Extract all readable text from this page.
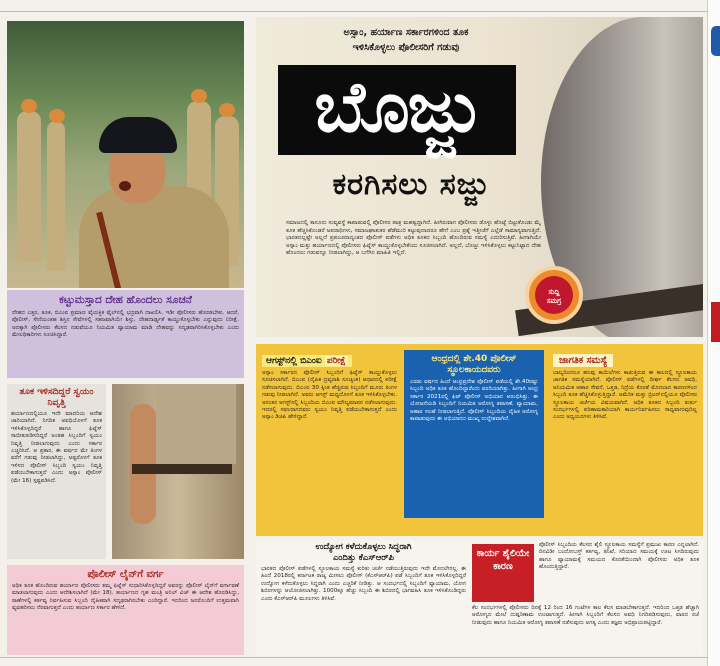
ಕಟ್ಟುಮಸ್ತಾದ ದೇಹ ಹೊಂದಲು ಸೂಚನೆ
ದೇಹದ ಎತ್ತರ, ತೂಕ, ಬಿಎಂಐ ಪ್ರಮಾಣ ವೈಯಕ್ತಿಕ ಫೈಲ್‌ನಲ್ಲಿ ಭದ್ರವಾಗಿ ದಾಖಲಿಸಿ. ಇಡೀ ಪೊಲೀಸರು ಹೊರಡಬೇಕು. ಆದರೆ, ಪೊಲೀಸ್, ಸೇನೆಯಂತಹ ಶಿಸ್ತಿನ ಸೇವೆಗಳಲ್ಲಿ ಸಹಜವಾಗಿಯೇ ಶಿಸ್ತು, ದೇಹದಾರ್ಢ್ಯತೆ ಕಾಯ್ದುಕೊಳ್ಳಬೇಕು ಎನ್ನುವುದು ನಿರೀಕ್ಷೆ. ಅದಕ್ಕಾಗಿ ಪೊಲೀಸರು ಕೆಲಸದ ನಡುವೆಯೂ ನಿಯಮಿತ ವ್ಯಾಯಾಮ ಮಾಡಿ ದೇಹವನ್ನು ಸದೃಢವಾಗಿರಿಸಿಕೊಳ್ಳಬೇಕು ಎಂದು ಮೇಲಧಿಕಾರಿಗಳು ಸೂಚಿಸಿದ್ದಾರೆ.
ತೂಕ ಇಳಿಸದಿದ್ದರೆ ಸ್ವಯಂ ನಿವೃತ್ತಿ
ಹರ್ಯಾಣದಲ್ಲಿಯೂ ಇದೇ ಮಾದರಿಯ ಆದೇಶ ಜಾರಿಯಾಗಿದೆ. ನಿಗದಿತ ಅವಧಿಯೊಳಗೆ ತೂಕ ಇಳಿಸಿಕೊಳ್ಳದಿದ್ದರೆ ಹಾಗೂ ಫಿಟ್ನೆಸ್ ಸಾಬೀತುಪಡಿಸದಿದ್ದರೆ ಅಂತಹ ಸಿಬ್ಬಂದಿಗೆ ಸ್ವಯಂ ನಿವೃತ್ತಿ ನೀಡಲಾಗುವುದು ಎಂದು ಸರ್ಕಾರ ಎಚ್ಚರಿಸಿದೆ. ಆ ಪ್ರಕಾರ, ಈ ವರ್ಷದ ಮೇ ತಿಂಗಳ ವರೆಗೆ ಗಡುವು ನೀಡಲಾಗಿದ್ದು, ಅಷ್ಟರೊಳಗೆ ತೂಕ ಇಳಿಸದ ಪೊಲೀಸ್ ಸಿಬ್ಬಂದಿ ಸ್ವಯಂ ನಿವೃತ್ತಿ ಪಡೆಯಬೇಕಾಗುತ್ತದೆ ಎಂದು ಅಸ್ಸಾಂ ಪೊಲೀಸ್ (ಮೇ 16) ಸ್ಪಷ್ಟಪಡಿಸಿದೆ.
ಪೊಲೀಸ್ ಲೈನ್‌ಗೆ ವರ್ಗ
ಅಧಿಕ ತೂಕ ಹೊಂದಿರುವ ಹರ್ಯಾಣ ಪೊಲೀಸರು ತಮ್ಮ ಫಿಟ್ನೆಸ್ ಸುಧಾರಿಸಿಕೊಳ್ಳದಿದ್ದರೆ ಅವರನ್ನು ಪೊಲೀಸ್ ಲೈನ್‌ಗೆ ವರ್ಗಾವಣೆ ಮಾಡಲಾಗುವುದು ಎಂದು ಆದೇಶಿಸಲಾಗಿದೆ (ಮೇ 18). ಹರ್ಯಾಣದ ಗೃಹ ಮಂತ್ರಿ ಅನಿಲ್ ವಿಜ್ ಈ ಆದೇಶ ಹೊರಡಿಸಿದ್ದು, ಠಾಣೆಗಳಲ್ಲಿ ಕರ್ತವ್ಯ ನಿರ್ವಹಿಸುವ ಸಿಬ್ಬಂದಿ ದೈಹಿಕವಾಗಿ ಸದೃಢರಾಗಿರಬೇಕು ಎಂದಿದ್ದಾರೆ. ಇದರಿಂದ ಜನರೊಂದಿಗೆ ಉತ್ತಮವಾಗಿ ವ್ಯವಹರಿಸಲು ನೆರವಾಗುತ್ತದೆ ಎಂದು ಹರ್ಯಾಣ ಸರ್ಕಾರ ಹೇಳಿದೆ.
ಅಸ್ಸಾಂ, ಹರ್ಯಾಣ ಸರ್ಕಾರಗಳಿಂದ ತೂಕ
ಇಳಿಸಿಕೊಳ್ಳಲು ಪೊಲೀಸರಿಗೆ ಗಡುವು
ಬೊಜ್ಜು
ಕರಗಿಸಲು ಸಜ್ಜು
ಸಮಾಜದಲ್ಲಿ ಕಾನೂನು ಸುವ್ಯವಸ್ಥೆ ಕಾಪಾಡುವಲ್ಲಿ ಪೊಲೀಸರ ಪಾತ್ರ ಮಹತ್ವದ್ದಾಗಿದೆ. ಹೀಗಿರುವಾಗ ಪೊಲೀಸರು ಡೊಳ್ಳು ಹೊಟ್ಟೆ ಬಿಟ್ಟುಕೊಂಡು ಮೈ ತೂಕ ಹೆಚ್ಚಿಸಿಕೊಂಡರೆ ಅಪರಾಧಿಗಳು, ಸಮಾಜಘಾತುಕರ ಹೆಡೆಮುರಿ ಕಟ್ಟುವುದಾದರೂ ಹೇಗೆ ಎಂಬ ಪ್ರಶ್ನೆ ಇತ್ತೀಚೆಗೆ ಎಲ್ಲೆಡೆ ಸಾಮಾನ್ಯವಾಗುತ್ತಿದೆ. ಭಾರತದಲ್ಲಷ್ಟೇ ಅಲ್ಲದೆ ಪ್ರಪಂಚದಾದ್ಯಂತದ ಪೊಲೀಸ್ ಪಡೆಗಳು ಅಧಿಕ ತೂಕದ ಸಿಬ್ಬಂದಿ ಹೊಂದಿರುವ ಸಮಸ್ಯೆ ಎದುರಿಸುತ್ತಿವೆ. ಹೀಗಾಗಿಯೇ ಅಸ್ಸಾಂ ಮತ್ತು ಹರ್ಯಾಣದಲ್ಲಿ ಪೊಲೀಸರು ಫಿಟ್ನೆಸ್ ಕಾಯ್ದುಕೊಳ್ಳಬೇಕೆಂದು ಸೂಚಿಸಲಾಗಿದೆ. ಅಲ್ಲದೆ, ಬೊಜ್ಜು ಇಳಿಸಿಕೊಳ್ಳಲು ಕಟ್ಟುನಿಟ್ಟಾದ ದೇಹ ಹೊಂದಲು ಗಡುವನ್ನೂ ನೀಡಲಾಗಿದ್ದು, ಆ ಬಗೆಗಿನ ಮಾಹಿತಿ ಇಲ್ಲಿದೆ.
ಸುದ್ದಿ
ಸಮಗ್ರ
ಆಗಸ್ಟ್‌ನಲ್ಲಿ ಬಿಎಂಐ ಪರೀಕ್ಷೆ
ಅಸ್ಸಾಂ ಸರ್ಕಾರದ ಪೊಲೀಸ್ ಸಿಬ್ಬಂದಿಗೆ ಫಿಟ್ನೆಸ್ ಕಾಯ್ದುಕೊಳ್ಳಲು ಸೂಚಿಸಲಾಗಿದೆ. ಬಿಎಂಐ (ದೈಹಿಕ ದ್ರವ್ಯರಾಶಿ ಸೂಚ್ಯಂಕ) ಆಧಾರದಲ್ಲಿ ಪರೀಕ್ಷೆ ನಡೆಸಲಾಗುವುದು. ಬಿಎಂಐ 30 ಕ್ಕಿಂತ ಹೆಚ್ಚಿರುವ ಸಿಬ್ಬಂದಿಗೆ ಮೂರು ತಿಂಗಳ ಗಡುವು ನೀಡಲಾಗಿದೆ. ಅವರು ಆಗಸ್ಟ್ ಮಧ್ಯದೊಳಗೆ ತೂಕ ಇಳಿಸಿಕೊಳ್ಳಬೇಕು. ಅನಂತರ ಆಗಸ್ಟ್‌ನಲ್ಲಿ ಸಿಬ್ಬಂದಿಯ ಬಿಎಂಐ ಮೌಲ್ಯಮಾಪನ ನಡೆಸಲಾಗುವುದು. ಇದರಲ್ಲಿ ಸಫಲರಾಗದವರು ಸ್ವಯಂ ನಿವೃತ್ತಿ ಪಡೆಯಬೇಕಾಗುತ್ತದೆ ಎಂದು ಅಸ್ಸಾಂ ಡಿಜಿಪಿ ಹೇಳಿದ್ದಾರೆ.
ಆಂಧ್ರದಲ್ಲಿ ಶೇ.40 ಪೊಲೀಸ್ ಸ್ಥೂಲಕಾಯದವರು
ಎರಡು ವರ್ಷದ ಹಿಂದೆ ಆಂಧ್ರಪ್ರದೇಶ ಪೊಲೀಸ್ ಪಡೆಯಲ್ಲಿ ಶೇ.40ರಷ್ಟು ಸಿಬ್ಬಂದಿ ಅಧಿಕ ತೂಕ ಹೊಂದಿದ್ದಾರೆಂದು ವರದಿಯಾಗಿತ್ತು. ಹೀಗಾಗಿ ಆಂಧ್ರ ಸರ್ಕಾರ 2021ರಲ್ಲಿ ಫಿಟ್ ಪೊಲೀಸ್ ಅಭಿಯಾನ ಆರಂಭಿಸಿತ್ತು. ಈ ಯೋಜನೆಯಡಿ ಸಿಬ್ಬಂದಿಗೆ ನಿಯಮಿತ ಆರೋಗ್ಯ ತಪಾಸಣೆ, ವ್ಯಾಯಾಮ, ಆಹಾರ ಸಲಹೆ ನೀಡಲಾಗುತ್ತಿದೆ. ಪೊಲೀಸ್ ಸಿಬ್ಬಂದಿಯ ದೈಹಿಕ ಆರೋಗ್ಯ ಕಾಪಾಡುವುದು ಈ ಅಭಿಯಾನದ ಮುಖ್ಯ ಉದ್ದೇಶವಾಗಿದೆ.
ಜಾಗತಿಕ ಸಮಸ್ಯೆ
ಬಾಲ್ಯದಿಂದಲೂ ಹಲವು ಕಾಯಿಲೆಗಳು ಕಾಡುತ್ತಿರುವ ಈ ಕಾಲದಲ್ಲಿ ಸ್ಥೂಲಕಾಯ ಜಾಗತಿಕ ಸಮಸ್ಯೆಯಾಗಿದೆ. ಪೊಲೀಸ್ ಪಡೆಗಳಲ್ಲಿ ದೀರ್ಘ ಕೆಲಸದ ಅವಧಿ, ಅನಿಯಮಿತ ಆಹಾರ ಸೇವನೆ, ಒತ್ತಡ, ನಿದ್ರೆಯ ಕೊರತೆ ಮೊದಲಾದ ಕಾರಣಗಳಿಂದ ಸಿಬ್ಬಂದಿ ತೂಕ ಹೆಚ್ಚಿಸಿಕೊಳ್ಳುತ್ತಿದ್ದಾರೆ. ಅಮೆರಿಕ ಮತ್ತು ಬ್ರಿಟನ್‌ನಲ್ಲಿಯೂ ಪೊಲೀಸರ ಸ್ಥೂಲಕಾಯ ಚರ್ಚೆಯ ವಿಷಯವಾಗಿದೆ. ಅಧಿಕ ತೂಕದ ಸಿಬ್ಬಂದಿ ತುರ್ತು ಸಂದರ್ಭಗಳಲ್ಲಿ ಪರಿಣಾಮಕಾರಿಯಾಗಿ ಕಾರ್ಯನಿರ್ವಹಿಸಲು ಸಾಧ್ಯವಾಗುವುದಿಲ್ಲ ಎಂದು ಅಧ್ಯಯನಗಳು ತಿಳಿಸಿವೆ.
ಉದ್ಯೋಗ ಕಳೆದುಕೊಳ್ಳಲು ಸಿದ್ಧರಾಗಿ
ಎಂದಿತ್ತು ಕೆಎಸ್‌ಆರ್‌ಪಿ
ಭಾರತದ ಪೊಲೀಸ್ ಪಡೆಗಳಲ್ಲಿ ಸ್ಥೂಲಕಾಯ ಸಮಸ್ಯೆ ಕುರಿತು ಚರ್ಚೆ ನಡೆಯುತ್ತಿರುವುದು ಇದೇ ಮೊದಲೇನಲ್ಲ. ಈ ಹಿಂದೆ 2018ರಲ್ಲಿ ಕರ್ನಾಟಕ ರಾಜ್ಯ ಮೀಸಲು ಪೊಲೀಸ್ (ಕೆಎಸ್‌ಆರ್‌ಪಿ) ಪಡೆ ಸಿಬ್ಬಂದಿಗೆ ತೂಕ ಇಳಿಸಿಕೊಳ್ಳದಿದ್ದರೆ ಉದ್ಯೋಗ ಕಳೆದುಕೊಳ್ಳಲು ಸಿದ್ಧರಾಗಿ ಎಂದು ಎಚ್ಚರಿಕೆ ನೀಡಿತ್ತು. ಆ ಸಂದರ್ಭದಲ್ಲಿ ಸಿಬ್ಬಂದಿಗೆ ವ್ಯಾಯಾಮ, ಯೋಗ ಶಿಬಿರಗಳನ್ನು ಆಯೋಜಿಸಲಾಗಿತ್ತು. 1000ಕ್ಕೂ ಹೆಚ್ಚು ಸಿಬ್ಬಂದಿ ಈ ಶಿಬಿರದಲ್ಲಿ ಭಾಗವಹಿಸಿ ತೂಕ ಇಳಿಸಿಕೊಂಡಿದ್ದರು ಎಂದು ಕೆಎಸ್‌ಆರ್‌ಪಿ ಮೂಲಗಳು ತಿಳಿಸಿವೆ.
ಕಾರ್ಯ ಶೈಲಿಯೇ ಕಾರಣ
ಪೊಲೀಸ್ ಸಿಬ್ಬಂದಿಯ ಕೆಲಸದ ಶೈಲಿ ಸ್ಥೂಲಕಾಯ ಸಮಸ್ಯೆಗೆ ಪ್ರಮುಖ ಕಾರಣ ಎನ್ನಲಾಗಿದೆ. ದಿನವಿಡೀ ಬಂದೋಬಸ್ತ್ ಕರ್ತವ್ಯ, ತನಿಖೆ, ಸರಿಯಾದ ಸಮಯಕ್ಕೆ ಊಟ ಸಿಗದಿರುವುದು ಹಾಗೂ ವ್ಯಾಯಾಮಕ್ಕೆ ಸಮಯದ ಕೊರತೆಯಿಂದಾಗಿ ಪೊಲೀಸರು ಅಧಿಕ ತೂಕ ಹೊಂದುತ್ತಿದ್ದಾರೆ.
ಕೆಲ ಸಂದರ್ಭಗಳಲ್ಲಿ ಪೊಲೀಸರು ದಿನಕ್ಕೆ 12 ರಿಂದ 16 ಗಂಟೆಗಳ ಕಾಲ ಕೆಲಸ ಮಾಡಬೇಕಾಗುತ್ತದೆ. ಇದರಿಂದ ಒತ್ತಡ ಹೆಚ್ಚಾಗಿ ಆರೋಗ್ಯದ ಮೇಲೆ ದುಷ್ಪರಿಣಾಮ ಉಂಟಾಗುತ್ತದೆ. ಹೀಗಾಗಿ ಸಿಬ್ಬಂದಿಗೆ ಕೆಲಸದ ಅವಧಿ ನಿಗದಿಪಡಿಸುವುದು, ವಾರದ ರಜೆ ನೀಡುವುದು ಹಾಗೂ ನಿಯಮಿತ ಆರೋಗ್ಯ ತಪಾಸಣೆ ನಡೆಸುವುದು ಅಗತ್ಯ ಎಂದು ತಜ್ಞರು ಅಭಿಪ್ರಾಯಪಟ್ಟಿದ್ದಾರೆ.
